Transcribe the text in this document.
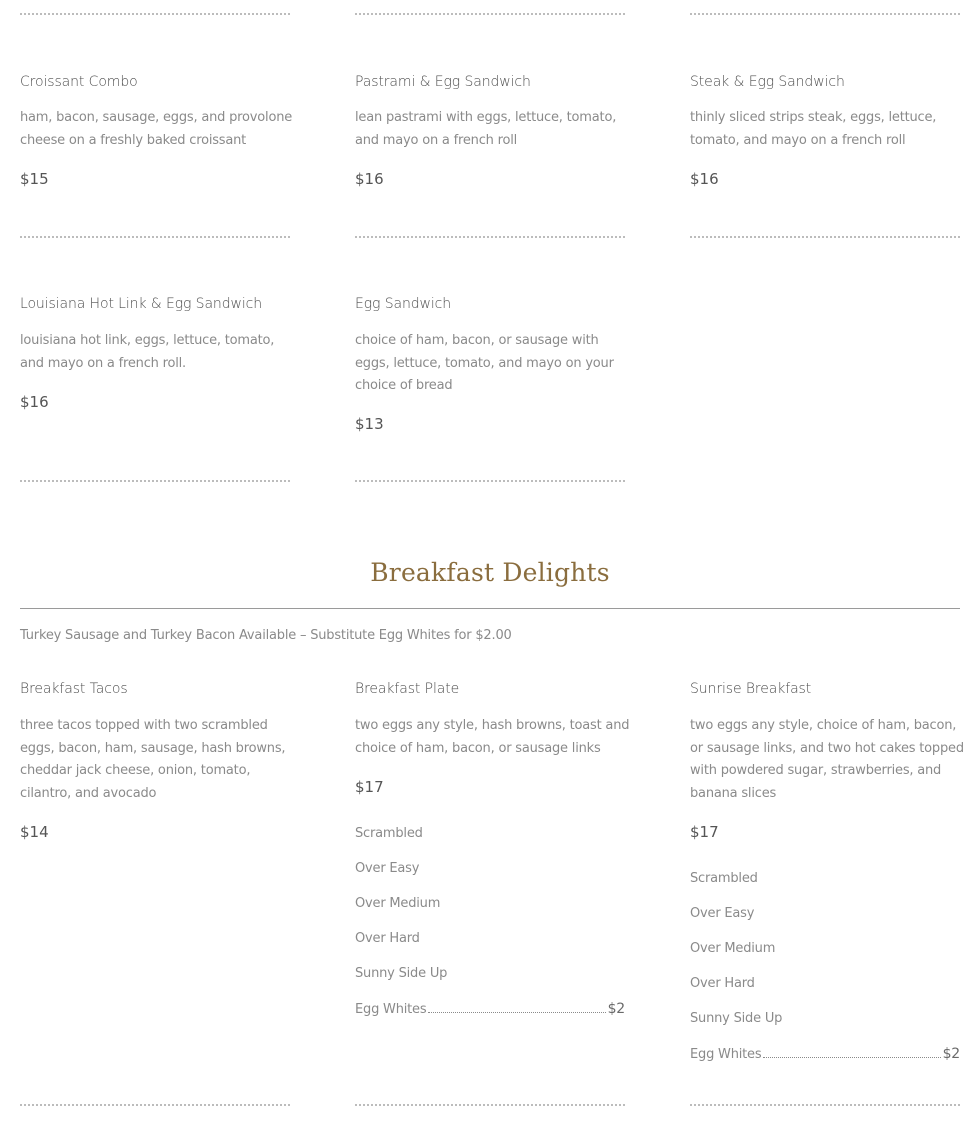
Croissant Combo
ham, bacon, sausage, eggs, and provolone cheese on a freshly baked croissant
$15
Pastrami & Egg Sandwich
lean pastrami with eggs, lettuce, tomato, and mayo on a french roll
$16
Steak & Egg Sandwich
thinly sliced strips steak, eggs, lettuce, tomato, and mayo on a french roll
$16
Louisiana Hot Link & Egg Sandwich
louisiana hot link, eggs, lettuce, tomato, and mayo on a french roll.
$16
Egg Sandwich
choice of ham, bacon, or sausage with eggs, lettuce, tomato, and mayo on your choice of bread
$13
Breakfast Delights
Turkey Sausage and Turkey Bacon Available – Substitute Egg Whites for $2.00
Breakfast Tacos
three tacos topped with two scrambled eggs, bacon, ham, sausage, hash browns, cheddar jack cheese, onion, tomato, cilantro, and avocado
$14
Breakfast Plate
two eggs any style, hash browns, toast and choice of ham, bacon, or sausage links
$17
Scrambled
Over Easy
Over Medium
Over Hard
Sunny Side Up
Egg Whites	$2
Sunrise Breakfast
two eggs any style, choice of ham, bacon, or sausage links, and two hot cakes topped with powdered sugar, strawberries, and banana slices
$17
Scrambled
Over Easy
Over Medium
Over Hard
Sunny Side Up
Egg Whites	$2
